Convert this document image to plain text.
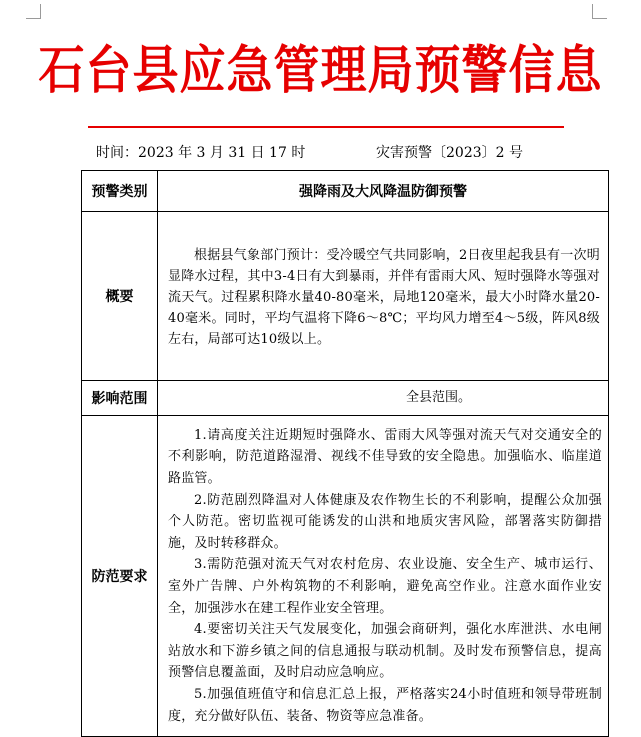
石台县应急管理局预警信息
时间：2023 年 3 月 31 日 17 时	灾害预警〔2023〕2 号
预警类别	强降雨及大风降温防御预警
概要	根据县气象部门预计：受冷暖空气共同影响，2日夜里起我县有一次明显降水过程，其中3-4日有大到暴雨，并伴有雷雨大风、短时强降水等强对流天气。过程累积降水量40-80毫米，局地120毫米，最大小时降水量20-40毫米。同时，平均气温将下降6～8℃；平均风力增至4～5级，阵风8级左右，局部可达10级以上。

影响范围	全县范围。

防范要求	1.请高度关注近期短时强降水、雷雨大风等强对流天气对交通安全的不利影响，防范道路湿滑、视线不佳导致的安全隐患。加强临水、临崖道路监管。
2.防范剧烈降温对人体健康及农作物生长的不利影响，提醒公众加强个人防范。密切监视可能诱发的山洪和地质灾害风险，部署落实防御措施，及时转移群众。
3.需防范强对流天气对农村危房、农业设施、安全生产、城市运行、室外广告牌、户外构筑物的不利影响，避免高空作业。注意水面作业安全，加强涉水在建工程作业安全管理。
4.要密切关注天气发展变化，加强会商研判，强化水库泄洪、水电闸站放水和下游乡镇之间的信息通报与联动机制。及时发布预警信息，提高预警信息覆盖面，及时启动应急响应。
5.加强值班值守和信息汇总上报，严格落实24小时值班和领导带班制度，充分做好队伍、装备、物资等应急准备。
